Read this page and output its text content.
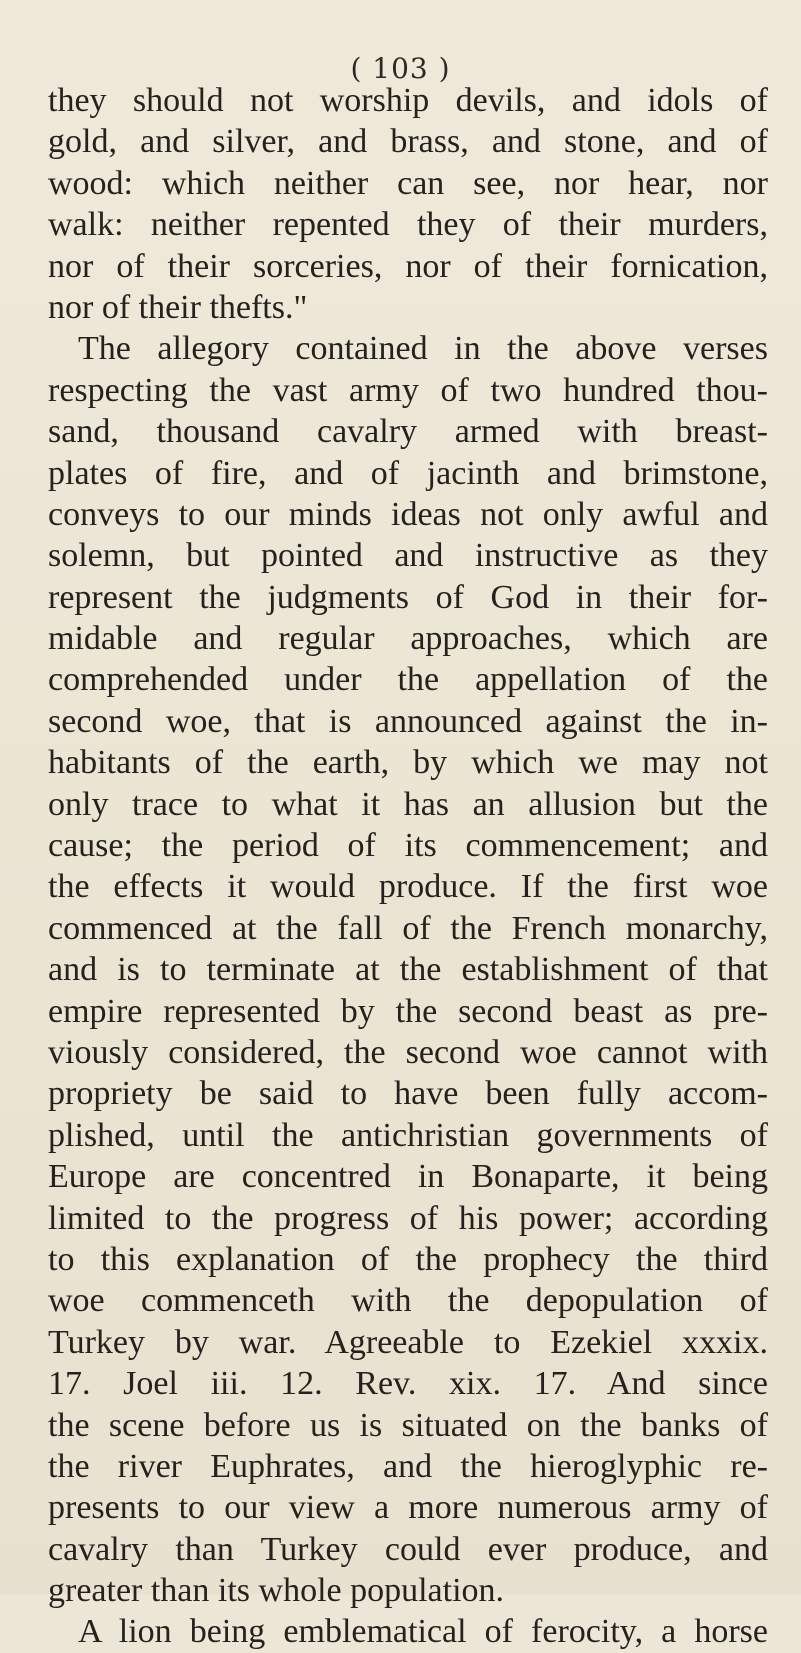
( 103 )
they should not worship devils, and idols of
gold, and silver, and brass, and stone, and of
wood: which neither can see, nor hear, nor
walk: neither repented they of their murders,
nor of their sorceries, nor of their fornication,
nor of their thefts."
The allegory contained in the above verses
respecting the vast army of two hundred thou-
sand, thousand cavalry armed with breast-
plates of fire, and of jacinth and brimstone,
conveys to our minds ideas not only awful and
solemn, but pointed and instructive as they
represent the judgments of God in their for-
midable and regular approaches, which are
comprehended under the appellation of the
second woe, that is announced against the in-
habitants of the earth, by which we may not
only trace to what it has an allusion but the
cause; the period of its commencement; and
the effects it would produce. If the first woe
commenced at the fall of the French monarchy,
and is to terminate at the establishment of that
empire represented by the second beast as pre-
viously considered, the second woe cannot with
propriety be said to have been fully accom-
plished, until the antichristian governments of
Europe are concentred in Bonaparte, it being
limited to the progress of his power; according
to this explanation of the prophecy the third
woe commenceth with the depopulation of
Turkey by war. Agreeable to Ezekiel xxxix.
17. Joel iii. 12. Rev. xix. 17. And since
the scene before us is situated on the banks of
the river Euphrates, and the hieroglyphic re-
presents to our view a more numerous army of
cavalry than Turkey could ever produce, and
greater than its whole population.
A lion being emblematical of ferocity, a horse
